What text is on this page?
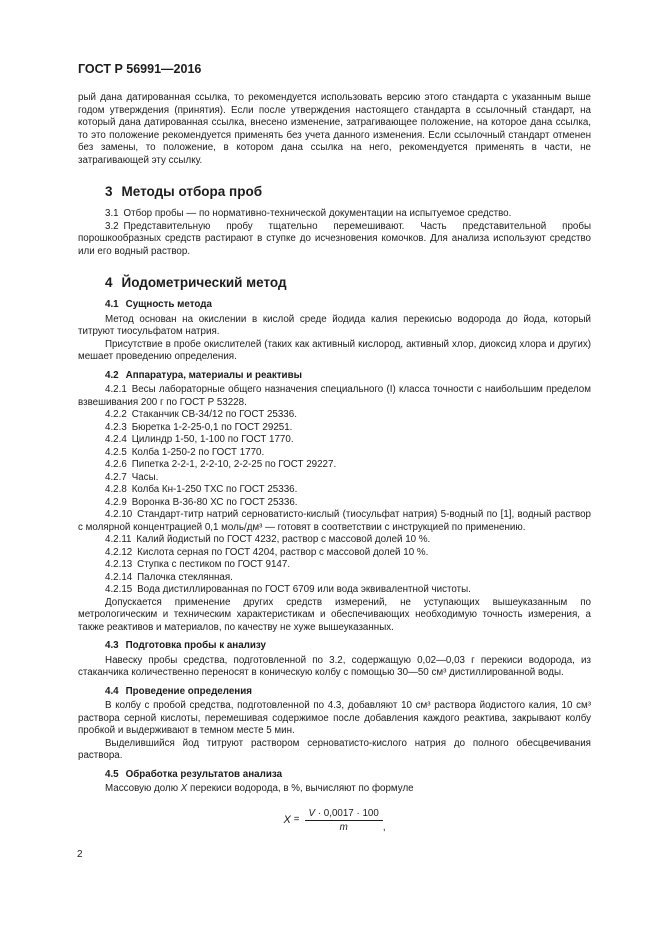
ГОСТ Р 56991—2016

рый дана датированная ссылка, то рекомендуется использовать версию этого стандарта с указанным выше годом утверждения (принятия). Если после утверждения настоящего стандарта в ссылочный стандарт, на который дана датированная ссылка, внесено изменение, затрагивающее положение, на которое дана ссылка, то это положение рекомендуется применять без учета данного изменения. Если ссылочный стандарт отменен без замены, то положение, в котором дана ссылка на него, рекомендуется применять в части, не затрагивающей эту ссылку.

3 Методы отбора проб

3.1 Отбор пробы — по нормативно-технической документации на испытуемое средство.

3.2 Представительную пробу тщательно перемешивают. Часть представительной пробы порошкообразных средств растирают в ступке до исчезновения комочков. Для анализа используют средство или его водный раствор.

4 Йодометрический метод
4.1 Сущность метода

Метод основан на окислении в кислой среде йодида калия перекисью водорода до йода, который титруют тиосульфатом натрия.

Присутствие в пробе окислителей (таких как активный кислород, активный хлор, диоксид хлора и других) мешает проведению определения.

4.2 Аппаратура, материалы и реактивы

4.2.1 Весы лабораторные общего назначения специального (I) класса точности с наибольшим пределом взвешивания 200 г по ГОСТ Р 53228.

4.2.2 Стаканчик СВ-34/12 по ГОСТ 25336.

4.2.3 Бюретка 1-2-25-0,1 по ГОСТ 29251.

4.2.4 Цилиндр 1-50, 1-100 по ГОСТ 1770.

4.2.5 Колба 1-250-2 по ГОСТ 1770.

4.2.6 Пипетка 2-2-1, 2-2-10, 2-2-25 по ГОСТ 29227.

4.2.7 Часы.

4.2.8 Колба Кн-1-250 ТХС по ГОСТ 25336.

4.2.9 Воронка В-36-80 ХС по ГОСТ 25336.

4.2.10 Стандарт-титр натрий серноватисто-кислый (тиосульфат натрия) 5-водный по [1], водный раствор с молярной концентрацией 0,1 моль/дм³ — готовят в соответствии с инструкцией по применению.

4.2.11 Калий йодистый по ГОСТ 4232, раствор с массовой долей 10 %.

4.2.12 Кислота серная по ГОСТ 4204, раствор с массовой долей 10 %.

4.2.13 Ступка с пестиком по ГОСТ 9147.

4.2.14 Палочка стеклянная.

4.2.15 Вода дистиллированная по ГОСТ 6709 или вода эквивалентной чистоты.

Допускается применение других средств измерений, не уступающих вышеуказанным по метрологическим и техническим характеристикам и обеспечивающих необходимую точность измерения, а также реактивов и материалов, по качеству не хуже вышеуказанных.

4.3 Подготовка пробы к анализу

Навеску пробы средства, подготовленной по 3.2, содержащую 0,02—0,03 г перекиси водорода, из стаканчика количественно переносят в коническую колбу с помощью 30—50 см³ дистиллированной воды.

4.4 Проведение определения

В колбу с пробой средства, подготовленной по 4.3, добавляют 10 см³ раствора йодистого калия, 10 см³ раствора серной кислоты, перемешивая содержимое после добавления каждого реактива, закрывают колбу пробкой и выдерживают в темном месте 5 мин.

Выделившийся йод титруют раствором серноватисто-кислого натрия до полного обесцвечивания раствора.

4.5 Обработка результатов анализа

Массовую долю X перекиси водорода, в %, вычисляют по формуле

$X = \frac{V \cdot 0,0017 \cdot 100}{m}$ ,
2
